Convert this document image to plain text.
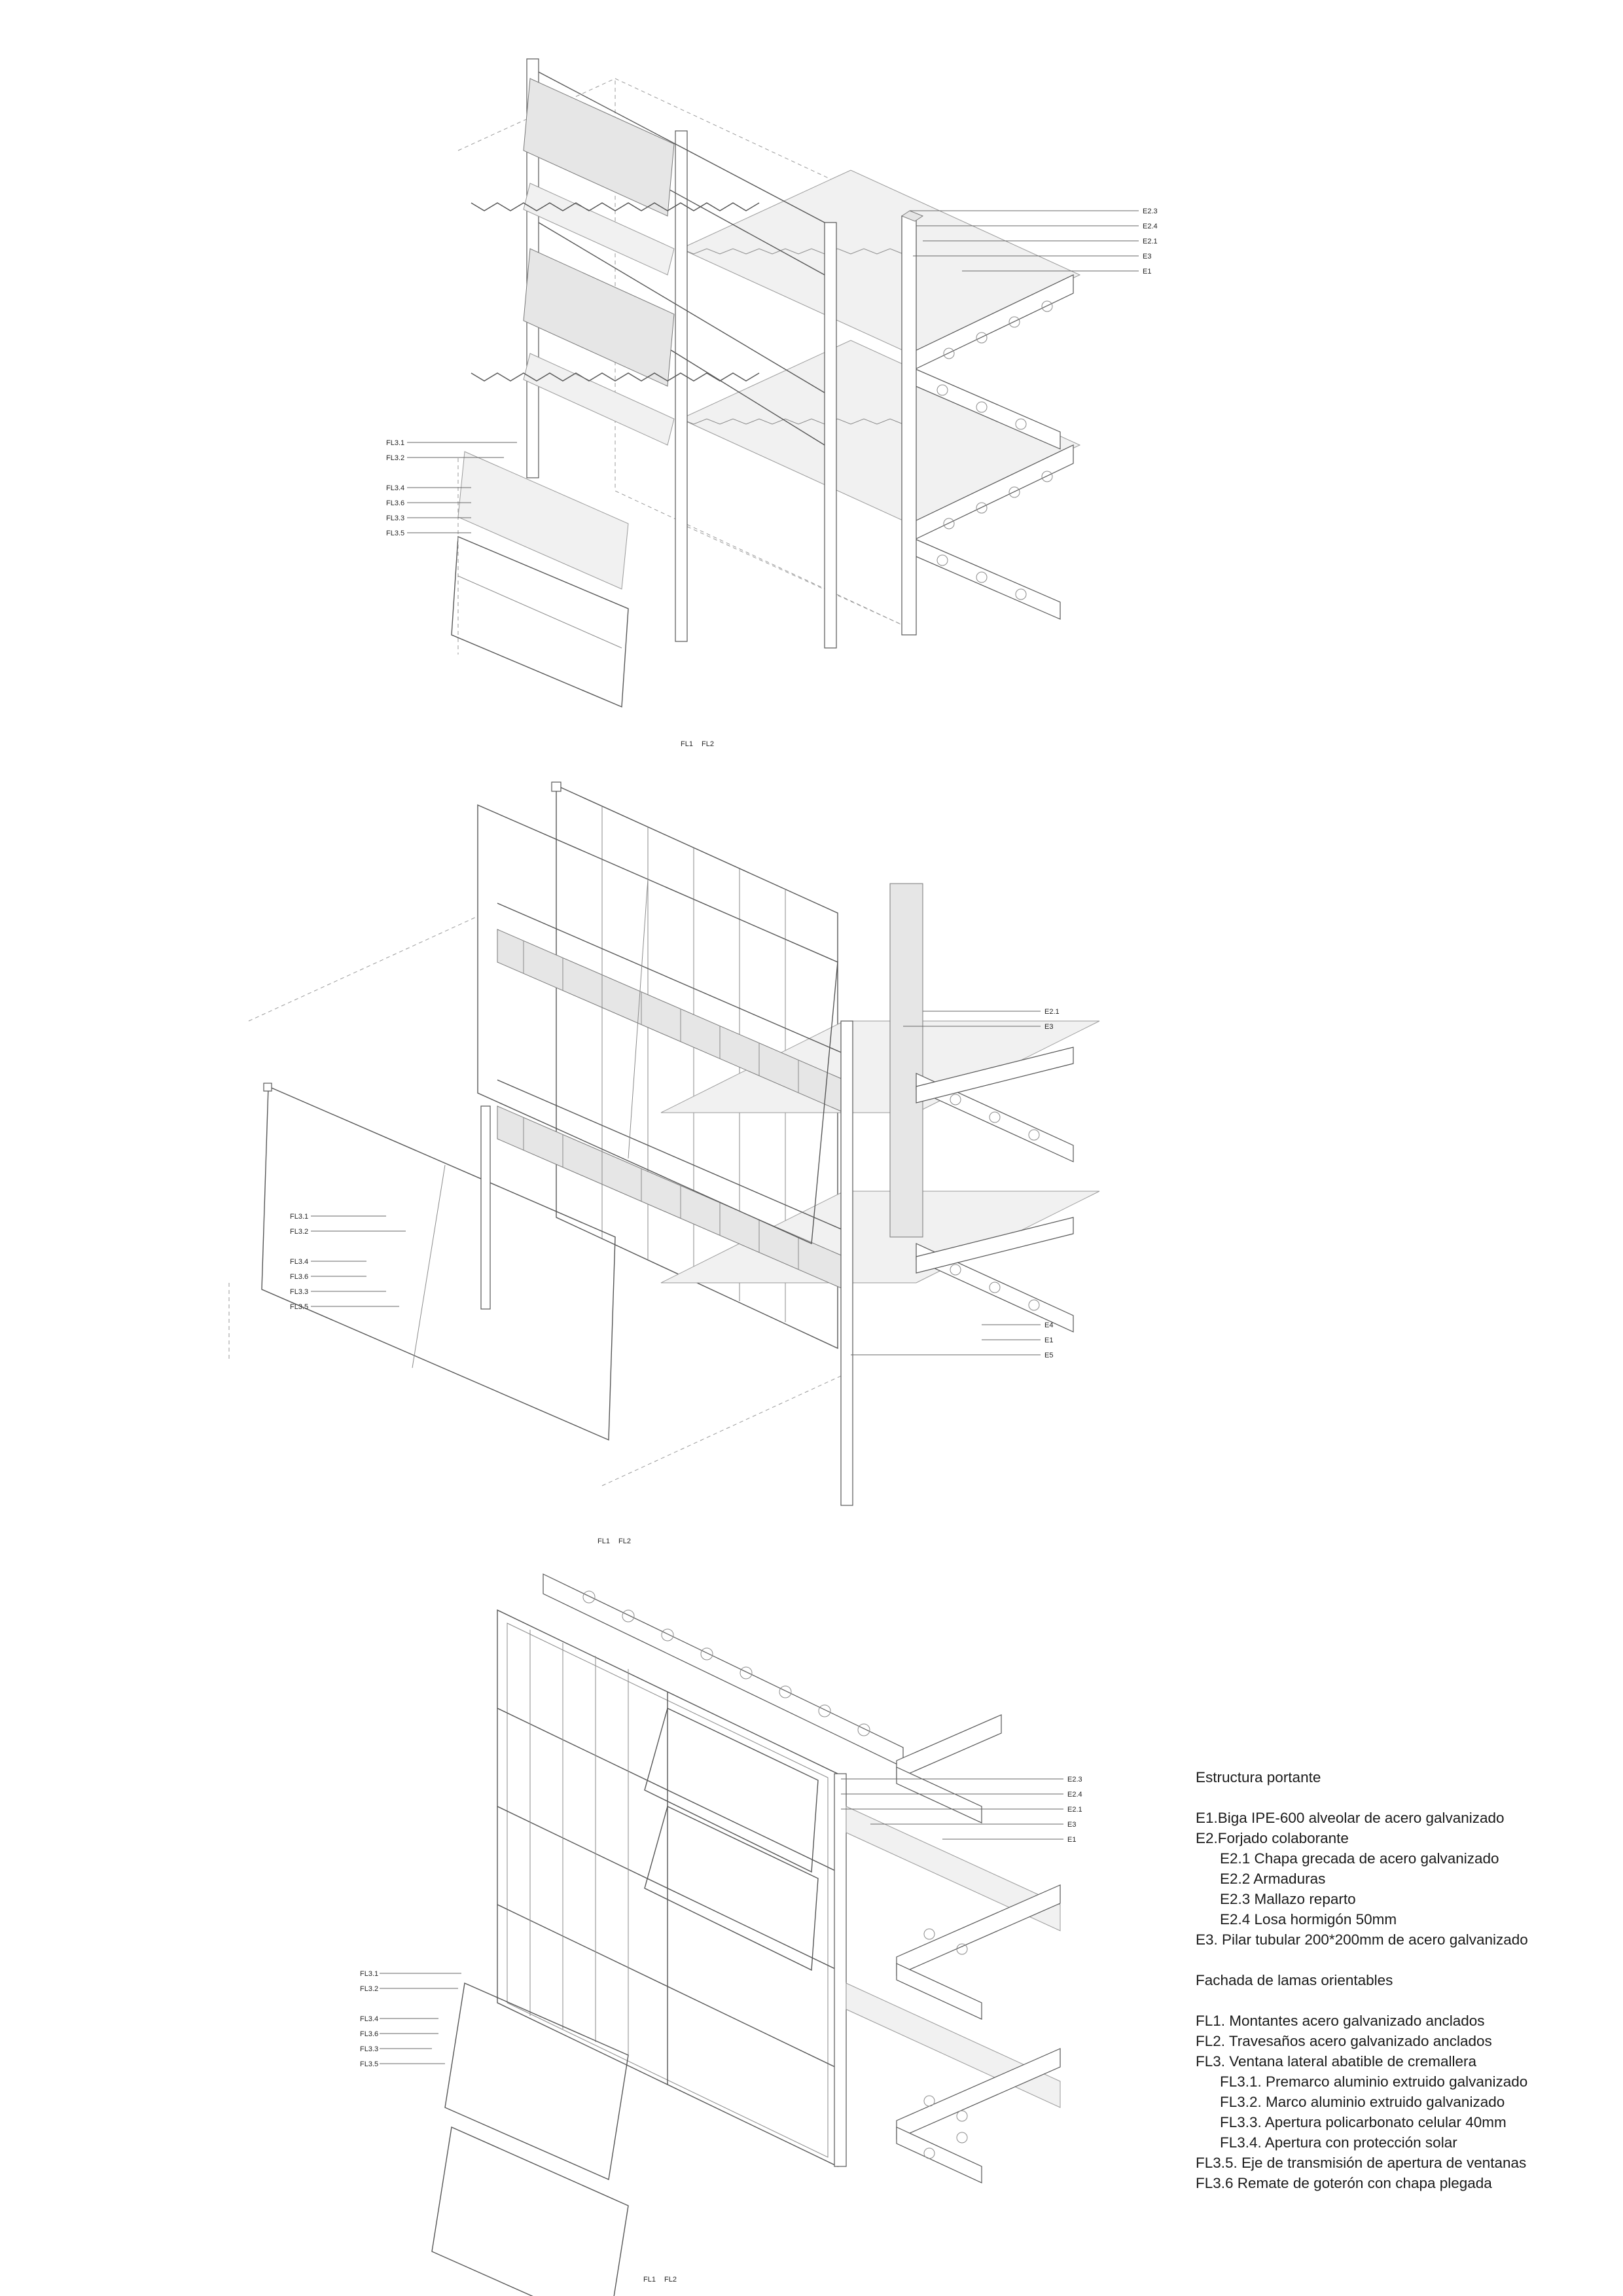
E2.3
E2.4
E2.1
E3
E1
FL3.1
FL3.2
FL3.4
FL3.6
FL3.3
FL3.5
FL1 FL2
E2.1
E3
E4
E1
E5
FL3.1
FL3.2
FL3.4
FL3.6
FL3.3
FL3.5
FL1 FL2
E2.3
E2.4
E2.1
E3
E1
FL3.1
FL3.2
FL3.4
FL3.6
FL3.3
FL3.5
FL1 FL2
Estructura portante
E1.Biga IPE-600 alveolar de acero galvanizado
E2.Forjado colaborante
E2.1 Chapa grecada de acero galvanizado
E2.2 Armaduras
E2.3 Mallazo reparto
E2.4 Losa hormigón 50mm
E3. Pilar tubular 200*200mm de acero galvanizado
Fachada de lamas orientables
FL1. Montantes acero galvanizado anclados
FL2. Travesaños acero galvanizado anclados
FL3. Ventana lateral abatible de cremallera
FL3.1. Premarco aluminio extruido galvanizado
FL3.2. Marco aluminio extruido galvanizado
FL3.3. Apertura policarbonato celular 40mm
FL3.4. Apertura con protección solar
FL3.5. Eje de transmisión de apertura de ventanas
FL3.6 Remate de goterón con chapa plegada
